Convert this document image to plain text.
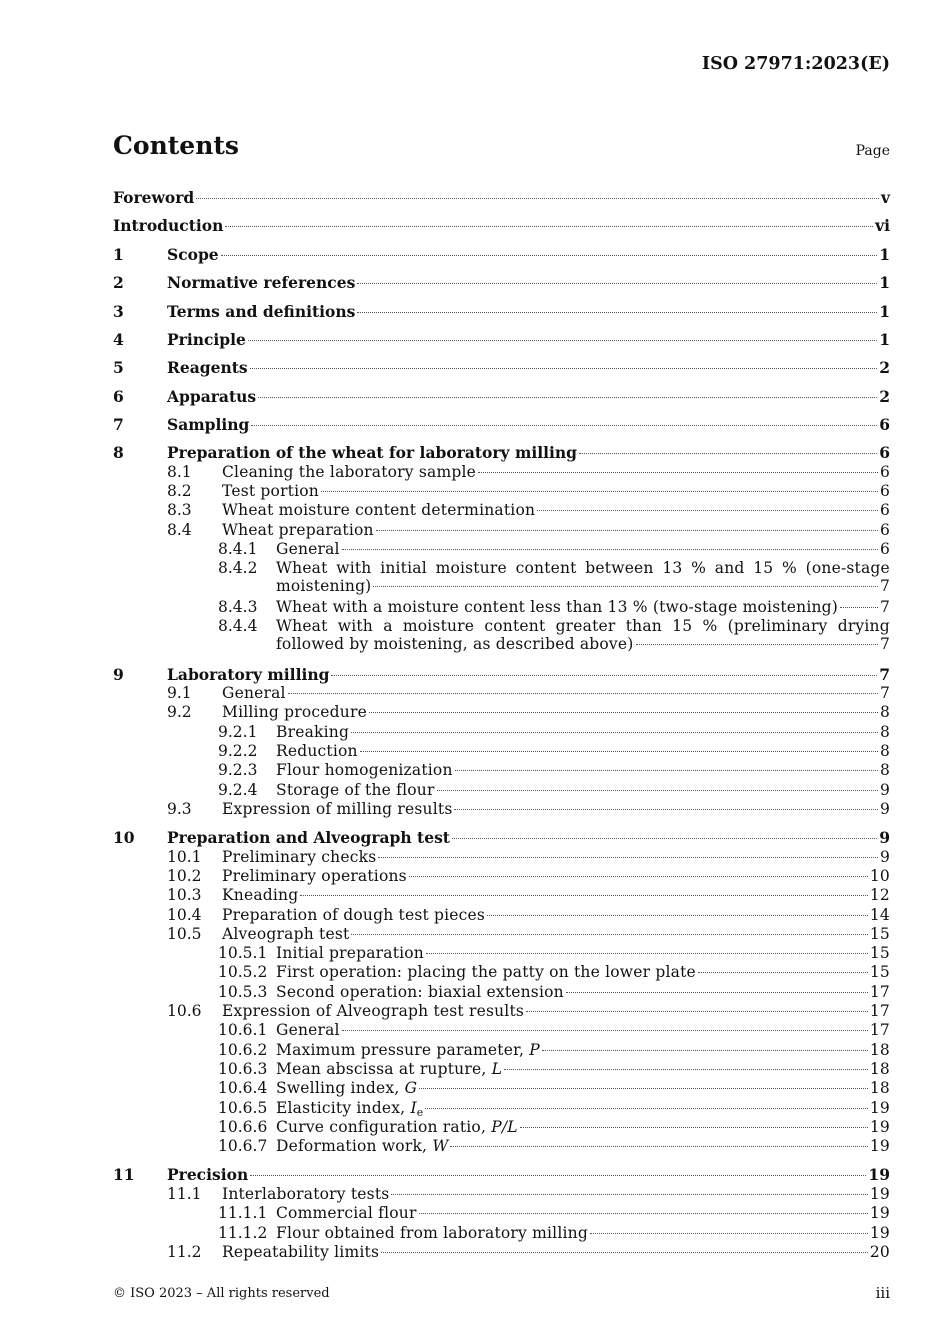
ISO 27971:2023(E)
Contents	Page
Foreword	v
Introduction	vi
1	Scope	1
2	Normative references	1
3	Terms and definitions	1
4	Principle	1
5	Reagents	2
6	Apparatus	2
7	Sampling	6
8	Preparation of the wheat for laboratory milling	6
8.1 Cleaning the laboratory sample	6
8.2 Test portion	6
8.3 Wheat moisture content determination	6
8.4 Wheat preparation	6
8.4.1 General	6
8.4.2 Wheat with initial moisture content between 13 % and 15 % (one-stage
moistening)	7
8.4.3 Wheat with a moisture content less than 13 % (two-stage moistening)	7
8.4.4 Wheat with a moisture content greater than 15 % (preliminary drying
followed by moistening, as described above)	7
9	Laboratory milling	7
9.1 General	7
9.2 Milling procedure	8
9.2.1 Breaking	8
9.2.2 Reduction	8
9.2.3 Flour homogenization	8
9.2.4 Storage of the flour	9
9.3 Expression of milling results	9
10 Preparation and Alveograph test	9
10.1 Preliminary checks	9
10.2 Preliminary operations	10
10.3 Kneading	12
10.4 Preparation of dough test pieces	14
10.5 Alveograph test	15
10.5.1 Initial preparation	15
10.5.2 First operation: placing the patty on the lower plate	15
10.5.3 Second operation: biaxial extension	17
10.6 Expression of Alveograph test results	17
10.6.1 General	17
10.6.2 Maximum pressure parameter, P	18
10.6.3 Mean abscissa at rupture, L	18
10.6.4 Swelling index, G	18
10.6.5 Elasticity index, $I_e$	19
10.6.6 Curve configuration ratio, P/L	19
10.6.7 Deformation work, W	19
11 Precision	19
11.1 Interlaboratory tests	19
11.1.1 Commercial flour	19
11.1.2 Flour obtained from laboratory milling	19
11.2 Repeatability limits	20
© ISO 2023 – All rights reserved	iii
